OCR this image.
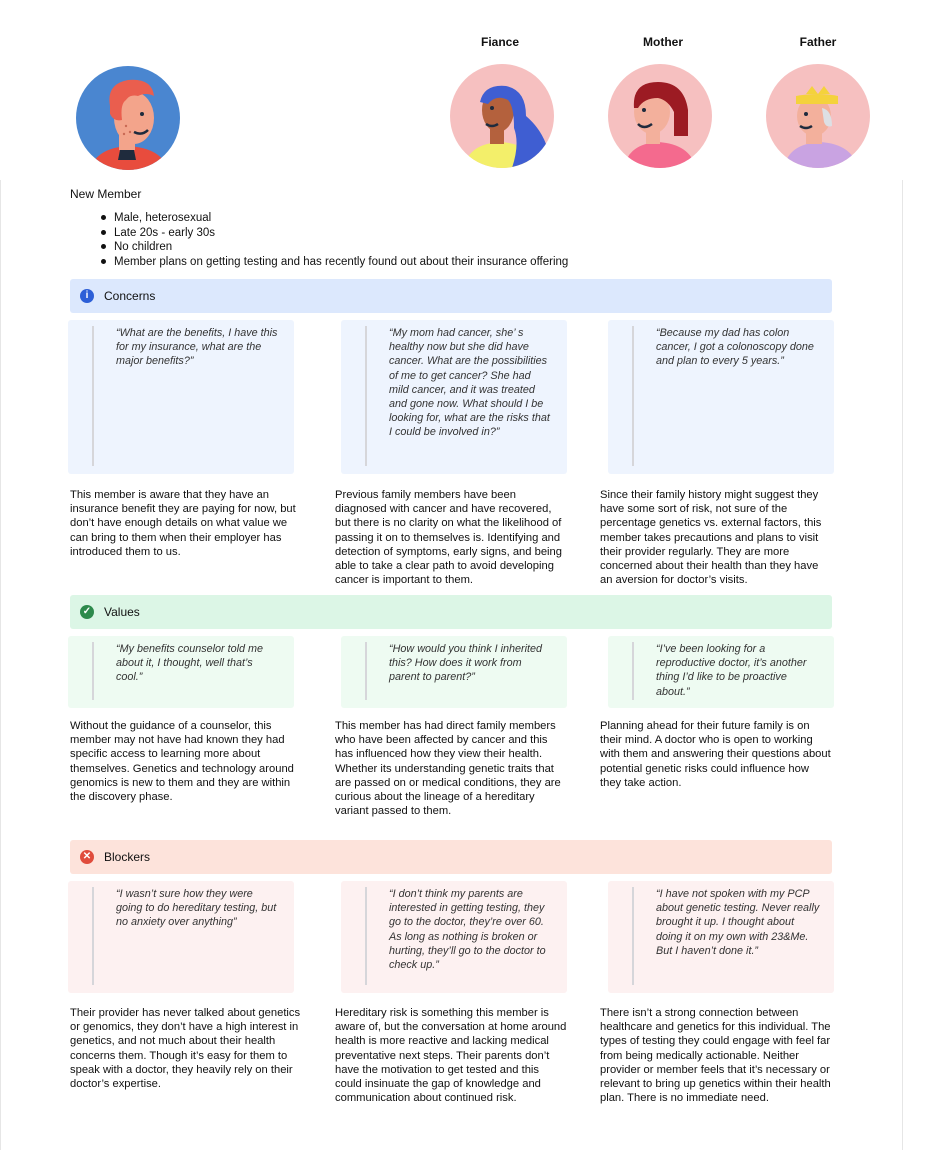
Fiance	Mother	Father
New Member
Male, heterosexual
Late 20s - early 30s
No children
Member plans on getting testing and has recently found out about their insurance offering
i	Concerns

“What are the benefits, I have this for my insurance, what are the major benefits?”

“My mom had cancer, she’ s healthy now but she did have cancer. What are the possibilities of me to get cancer? She had mild cancer, and it was treated and gone now. What should I be looking for, what are the risks that I could be involved in?”

“Because my dad has colon cancer, I got a colonoscopy done and plan to every 5 years.”

This member is aware that they have an insurance benefit they are paying for now, but don’t have enough details on what value we can bring to them when their employer has introduced them to us.

Previous family members have been diagnosed with cancer and have recovered, but there is no clarity on what the likelihood of passing it on to themselves is. Identifying and detection of symptoms, early signs, and being able to take a clear path to avoid developing cancer is important to them.

Since their family history might suggest they have some sort of risk, not sure of the percentage genetics vs. external factors, this member takes precautions and plans to visit their provider regularly. They are more concerned about their health than they have an aversion for doctor’s visits.

✓ Values

“My benefits counselor told me about it, I thought, well that’s cool.”

“How would you think I inherited this? How does it work from parent to parent?”

“I’ve been looking for a reproductive doctor, it’s another thing I’d like to be proactive about.”

Without the guidance of a counselor, this member may not have had known they had specific access to learning more about themselves. Genetics and technology around genomics is new to them and they are within the discovery phase.

This member has had direct family members who have been affected by cancer and this has influenced how they view their health. Whether its understanding genetic traits that are passed on or medical conditions, they are curious about the lineage of a hereditary variant passed to them.

Planning ahead for their future family is on their mind. A doctor who is open to working with them and answering their questions about potential genetic risks could influence how they take action.

✕ Blockers

“I wasn’t sure how they were going to do hereditary testing, but no anxiety over anything”

“I don’t think my parents are interested in getting testing, they go to the doctor, they’re over 60. As long as nothing is broken or hurting, they’ll go to the doctor to check up.”

“I have not spoken with my PCP about genetic testing. Never really brought it up. I thought about doing it on my own with 23&Me. But I haven’t done it.”

Their provider has never talked about genetics or genomics, they don’t have a high interest in genetics, and not much about their health concerns them. Though it’s easy for them to speak with a doctor, they heavily rely on their doctor’s expertise.

Hereditary risk is something this member is aware of, but the conversation at home around health is more reactive and lacking medical preventative next steps. Their parents don’t have the motivation to get tested and this could insinuate the gap of knowledge and communication about continued risk.

There isn’t a strong connection between healthcare and genetics for this individual. The types of testing they could engage with feel far from being medically actionable. Neither provider or member feels that it’s necessary or relevant to bring up genetics within their health plan. There is no immediate need.
